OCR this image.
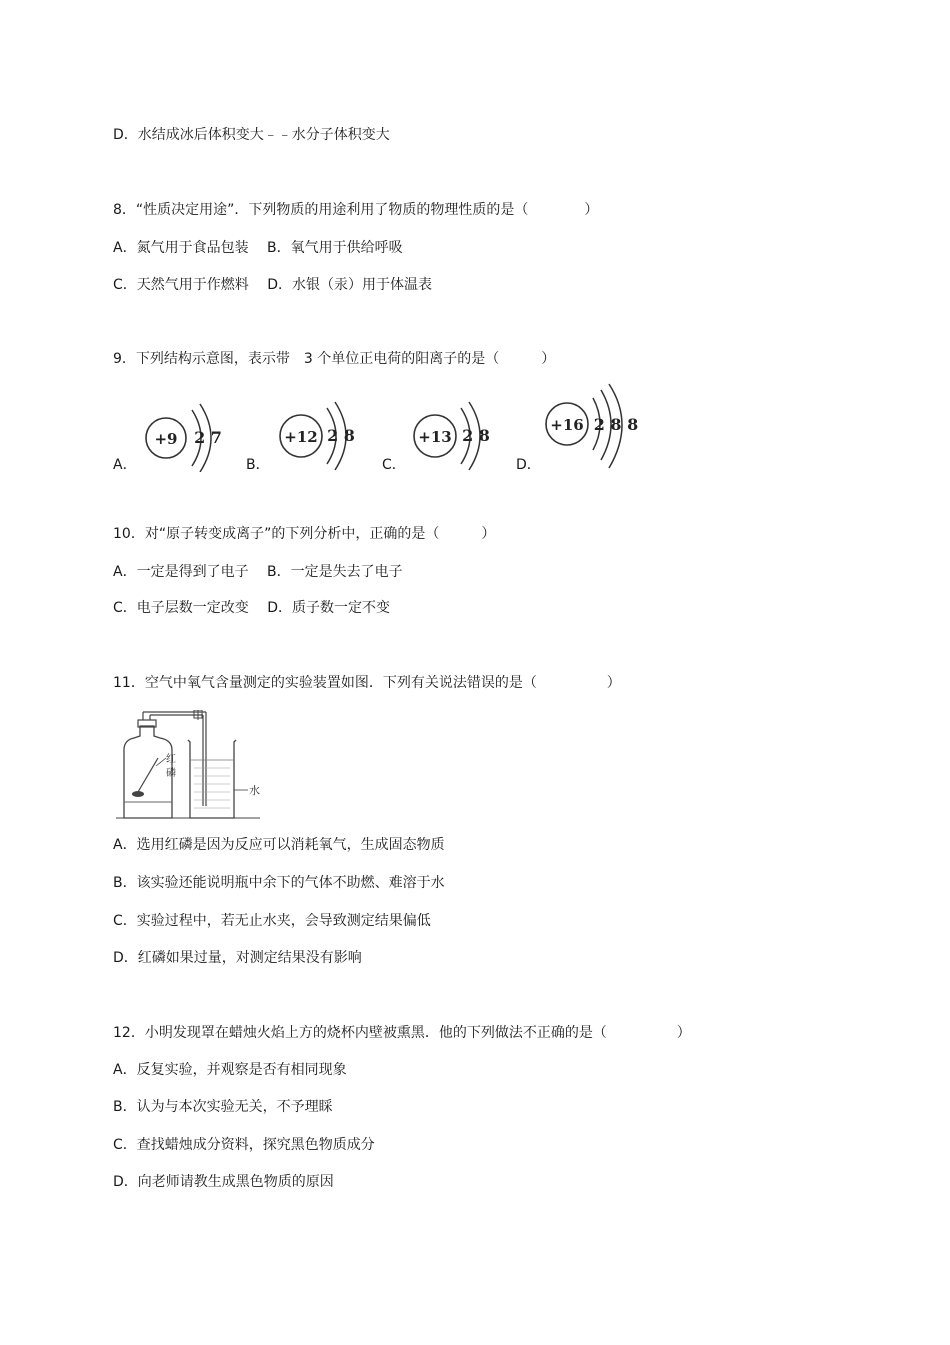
D．水结成冰后体积变大﹣﹣水分子体积变大
8．“性质决定用途”．下列物质的用途利用了物质的物理性质的是（　　　　）
A．氮气用于食品包装　 B．氧气用于供给呼吸
C．天然气用于作燃料　 D．水银（汞）用于体温表
9．下列结构示意图，表示带　3 个单位正电荷的阳离子的是（　　　）
A．
+9 2 7
B．
+12 2 8
C．
+13 2 8
D．
+16 2 8 8
10．对“原子转变成离子”的下列分析中，正确的是（　　　）
A．一定是得到了电子　 B．一定是失去了电子
C．电子层数一定改变　 D．质子数一定不变
11．空气中氧气含量测定的实验装置如图．下列有关说法错误的是（　　　　　）
红
磷
水
A．选用红磷是因为反应可以消耗氧气，生成固态物质
B．该实验还能说明瓶中余下的气体不助燃、难溶于水
C．实验过程中，若无止水夹，会导致测定结果偏低
D．红磷如果过量，对测定结果没有影响
12．小明发现罩在蜡烛火焰上方的烧杯内壁被熏黑．他的下列做法不正确的是（　　　　　）
A．反复实验，并观察是否有相同现象
B．认为与本次实验无关，不予理睬
C．查找蜡烛成分资料，探究黑色物质成分
D．向老师请教生成黑色物质的原因
